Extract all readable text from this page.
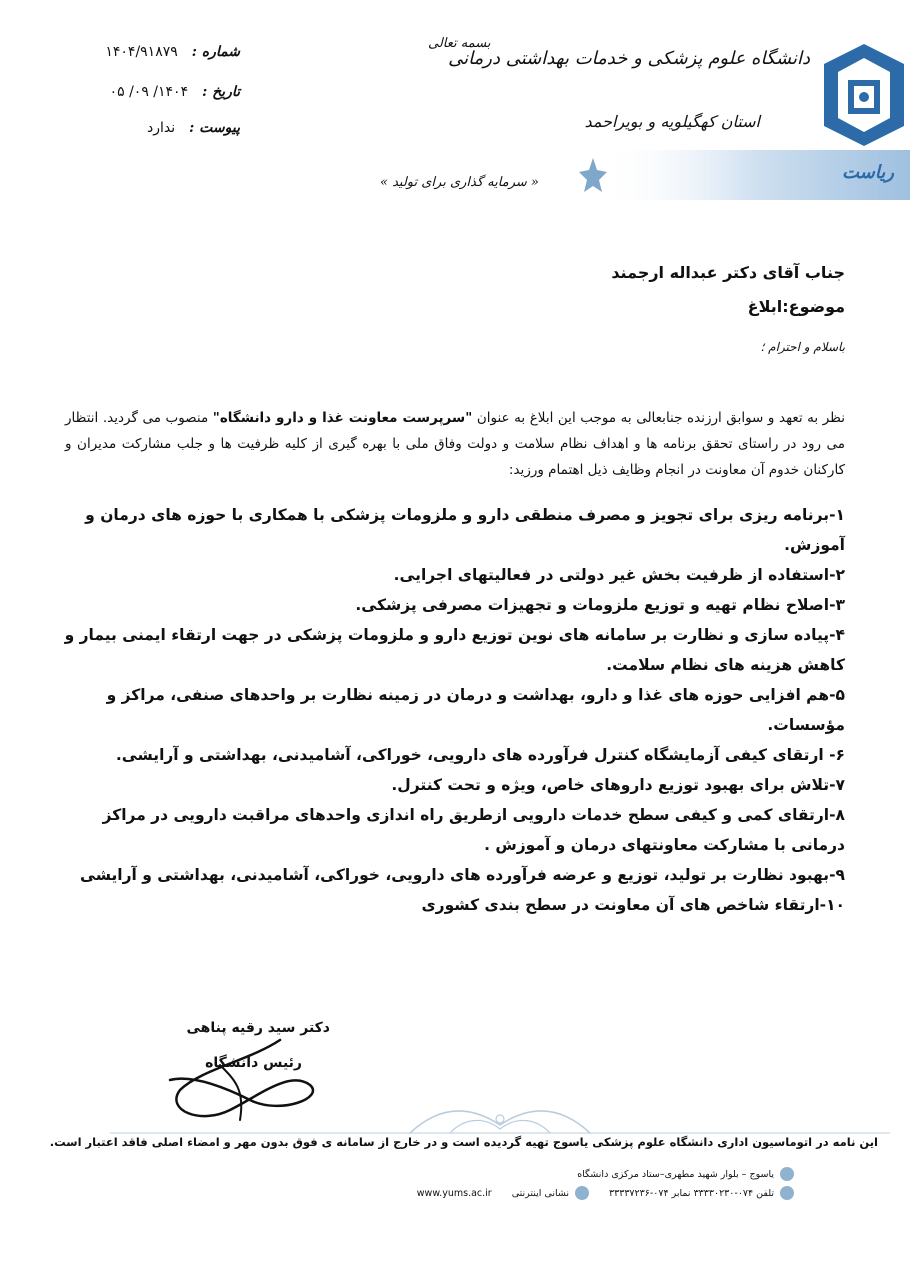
ریاست
دانشگاه علوم پزشکی و خدمات بهداشتی درمانی
استان کهگیلویه و بویراحمد
بسمه تعالی
« سرمایه گذاری برای تولید »
شماره :
۱۴۰۴/۹۱۸۷۹
تاریخ :
۱۴۰۴/ ۰۹/ ۰۵
پیوست :
ندارد
جناب آقای دکتر عبداله ارجمند
موضوع:ابلاغ
باسلام و احترام ؛
نظر به تعهد و سوابق ارزنده جنابعالی به موجب این ابلاغ به عنوان "سرپرست معاونت غذا و دارو دانشگاه" منصوب می گردید. انتظار می رود در راستای تحقق برنامه ها و اهداف نظام سلامت و دولت وفاق ملی با بهره گیری از کلیه ظرفیت ها و جلب مشارکت مدیران و کارکنان خدوم آن معاونت در انجام وظایف ذیل اهتمام ورزید:

۱-برنامه ریزی برای تجویز و مصرف منطقی دارو و ملزومات پزشکی با همکاری با حوزه های درمان و آموزش.

۲-استفاده از ظرفیت بخش غیر دولتی در فعالیتهای اجرایی.

۳-اصلاح نظام تهیه و توزیع ملزومات و تجهیزات مصرفی پزشکی.

۴-پیاده سازی و نظارت بر سامانه های نوین توزیع دارو و ملزومات پزشکی در جهت ارتقاء ایمنی بیمار و کاهش هزینه های نظام سلامت.

۵-هم افزایی حوزه های غذا و دارو، بهداشت و درمان در زمینه نظارت بر واحدهای صنفی، مراکز و مؤسسات.

۶- ارتقای کیفی آزمایشگاه کنترل فرآورده های دارویی، خوراکی، آشامیدنی، بهداشتی و آرایشی.

۷-تلاش برای بهبود توزیع داروهای خاص، ویژه و تحت کنترل.

۸-ارتقای کمی و کیفی سطح خدمات دارویی ازطریق راه اندازی واحدهای مراقبت دارویی در مراکز درمانی با مشارکت معاونتهای درمان و آموزش .

۹-بهبود نظارت بر تولید، توزیع و عرضه فرآورده های دارویی، خوراکی، آشامیدنی، بهداشتی و آرایشی

۱۰-ارتقاء شاخص های آن معاونت در سطح بندی کشوری

دکتر سید رقیه پناهی
رئیس دانشگاه
این نامه در اتوماسیون اداری دانشگاه علوم پزشکی یاسوج تهیه گردیده است و در خارج از سامانه ی فوق بدون مهر و امضاء اصلی فاقد اعتبار است.
یاسوج – بلوار شهید مطهری–ستاد مرکزی دانشگاه
تلفن ۰۷۴-۳۳۳۳۰۲۳۰ نمابر ۰۷۴-۳۳۳۳۷۲۳۶
نشانی اینترنتی
www.yums.ac.ir
